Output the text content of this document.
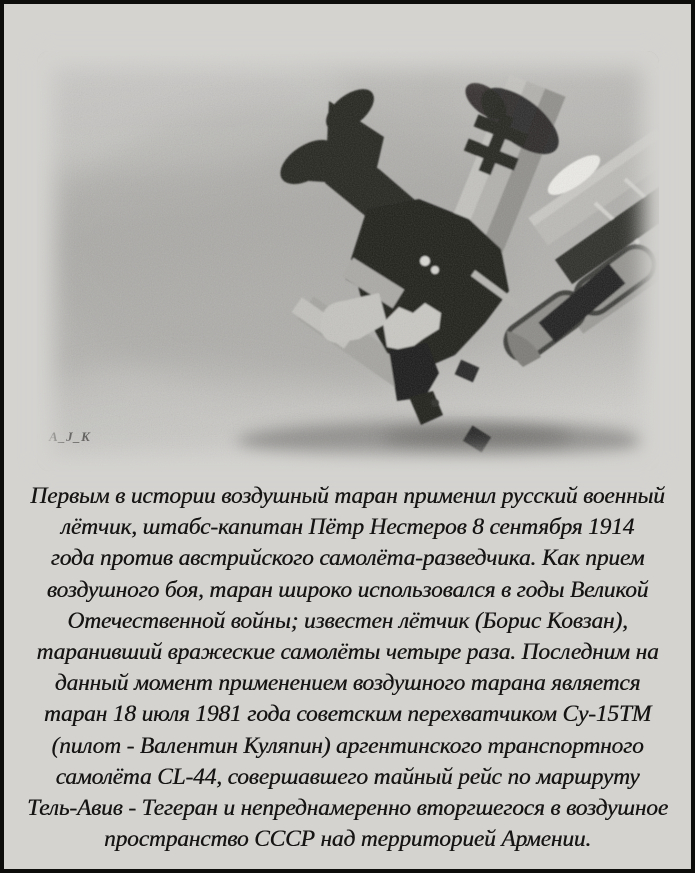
A_J_K
Первым в истории воздушный таран применил русский военный
лётчик, штабс-капитан Пётр Нестеров 8 сентября 1914
года против австрийского самолёта-разведчика. Как прием
воздушного боя, таран широко использовался в годы Великой
Отечественной войны; известен лётчик (Борис Ковзан),
таранивший вражеские самолёты четыре раза. Последним на
данный момент применением воздушного тарана является
таран 18 июля 1981 года советским перехватчиком Су-15ТМ
(пилот - Валентин Куляпин) аргентинского транспортного
самолёта CL-44, совершавшего тайный рейс по маршруту
Тель-Авив - Тегеран и непреднамеренно вторгшегося в воздушное
пространство СССР над территорией Армении.
